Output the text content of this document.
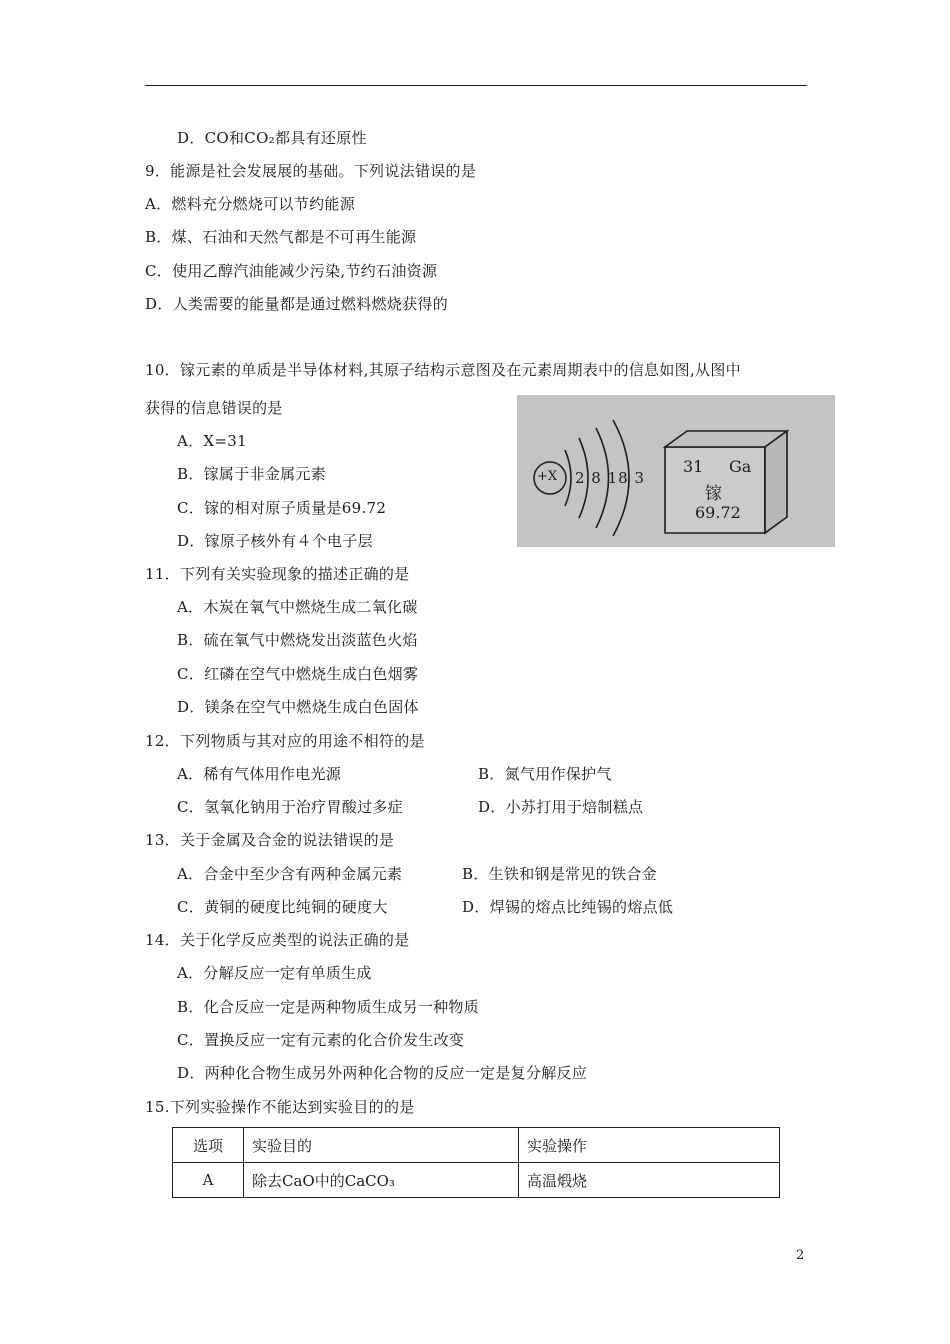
D．CO和CO₂都具有还原性
9．能源是社会发展展的基础。下列说法错误的是
A．燃料充分燃烧可以节约能源
B．煤、石油和天然气都是不可再生能源
C．使用乙醇汽油能减少污染,节约石油资源
D．人类需要的能量都是通过燃料燃烧获得的
10．镓元素的单质是半导体材料,其原子结构示意图及在元素周期表中的信息如图,从图中
获得的信息错误的是
A．X=31
B．镓属于非金属元素
C．镓的相对原子质量是69.72
D．镓原子核外有４个电子层
+X 2 8 18 3
31 Ga
镓
69.72
11．下列有关实验现象的描述正确的是
A．木炭在氧气中燃烧生成二氧化碳
B．硫在氧气中燃烧发出淡蓝色火焰
C．红磷在空气中燃烧生成白色烟雾
D．镁条在空气中燃烧生成白色固体
12．下列物质与其对应的用途不相符的是
A．稀有气体用作电光源	B．氮气用作保护气
C．氢氧化钠用于治疗胃酸过多症	D．小苏打用于焙制糕点
13．关于金属及合金的说法错误的是
A．合金中至少含有两种金属元素	B．生铁和钢是常见的铁合金
C．黄铜的硬度比纯铜的硬度大	D．焊锡的熔点比纯锡的熔点低
14．关于化学反应类型的说法正确的是
A．分解反应一定有单质生成
B．化合反应一定是两种物质生成另一种物质
C．置换反应一定有元素的化合价发生改变
D．两种化合物生成另外两种化合物的反应一定是复分解反应
15.下列实验操作不能达到实验目的的是
选项	实验目的	实验操作
A	除去CaO中的CaCO₃	高温煅烧
2
